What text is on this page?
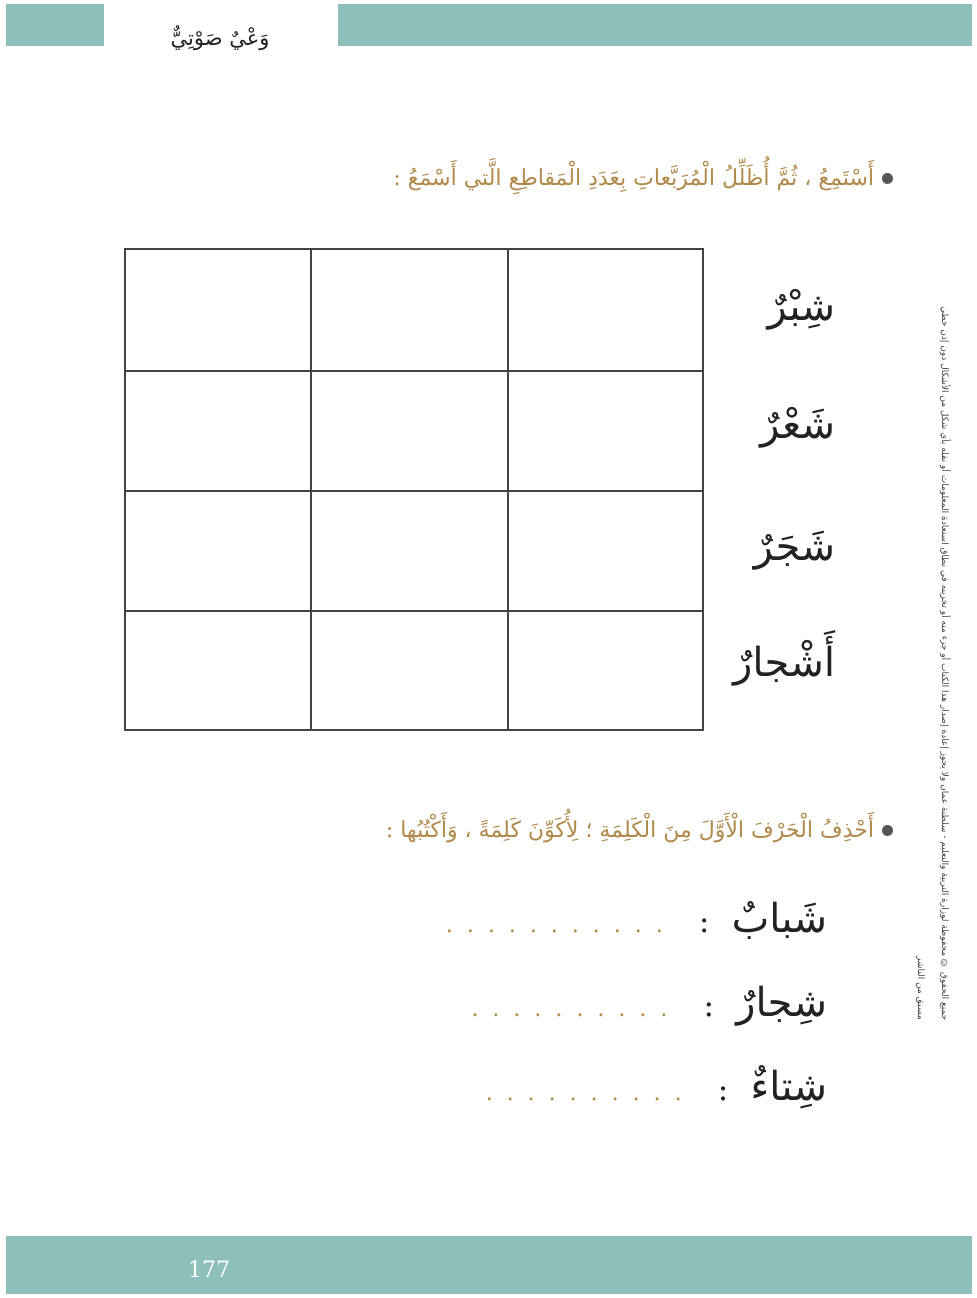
وَعْيٌ صَوْتِيٌّ
أَسْتَمِعُ ، ثُمَّ أُظَلِّلُ الْمُرَبَّعاتِ بِعَدَدِ الْمَقاطِعِ الَّتي أَسْمَعُ :
شِبْرٌ
شَعْرٌ
شَجَرٌ
أَشْجارٌ
أَحْذِفُ الْحَرْفَ الْأَوَّلَ مِنَ الْكَلِمَةِ ؛ لِأُكَوِّنَ كَلِمَةً ، وَأَكْتُبُها :
شَبابٌ
:
...........
شِجارٌ
:
..........
شِتاءٌ
:
..........
جميع الحقوق © محفوظة لوزارة التربية والتعليم - سلطنة عمان ولا يجوز إعادة إصدار هذا الكتاب أو جزء منه أو تخزينه في نطاق استعادة المعلومات أو نقله بأي شكل من الأشكال دون إذن خطي مسبق من الناشر
177
